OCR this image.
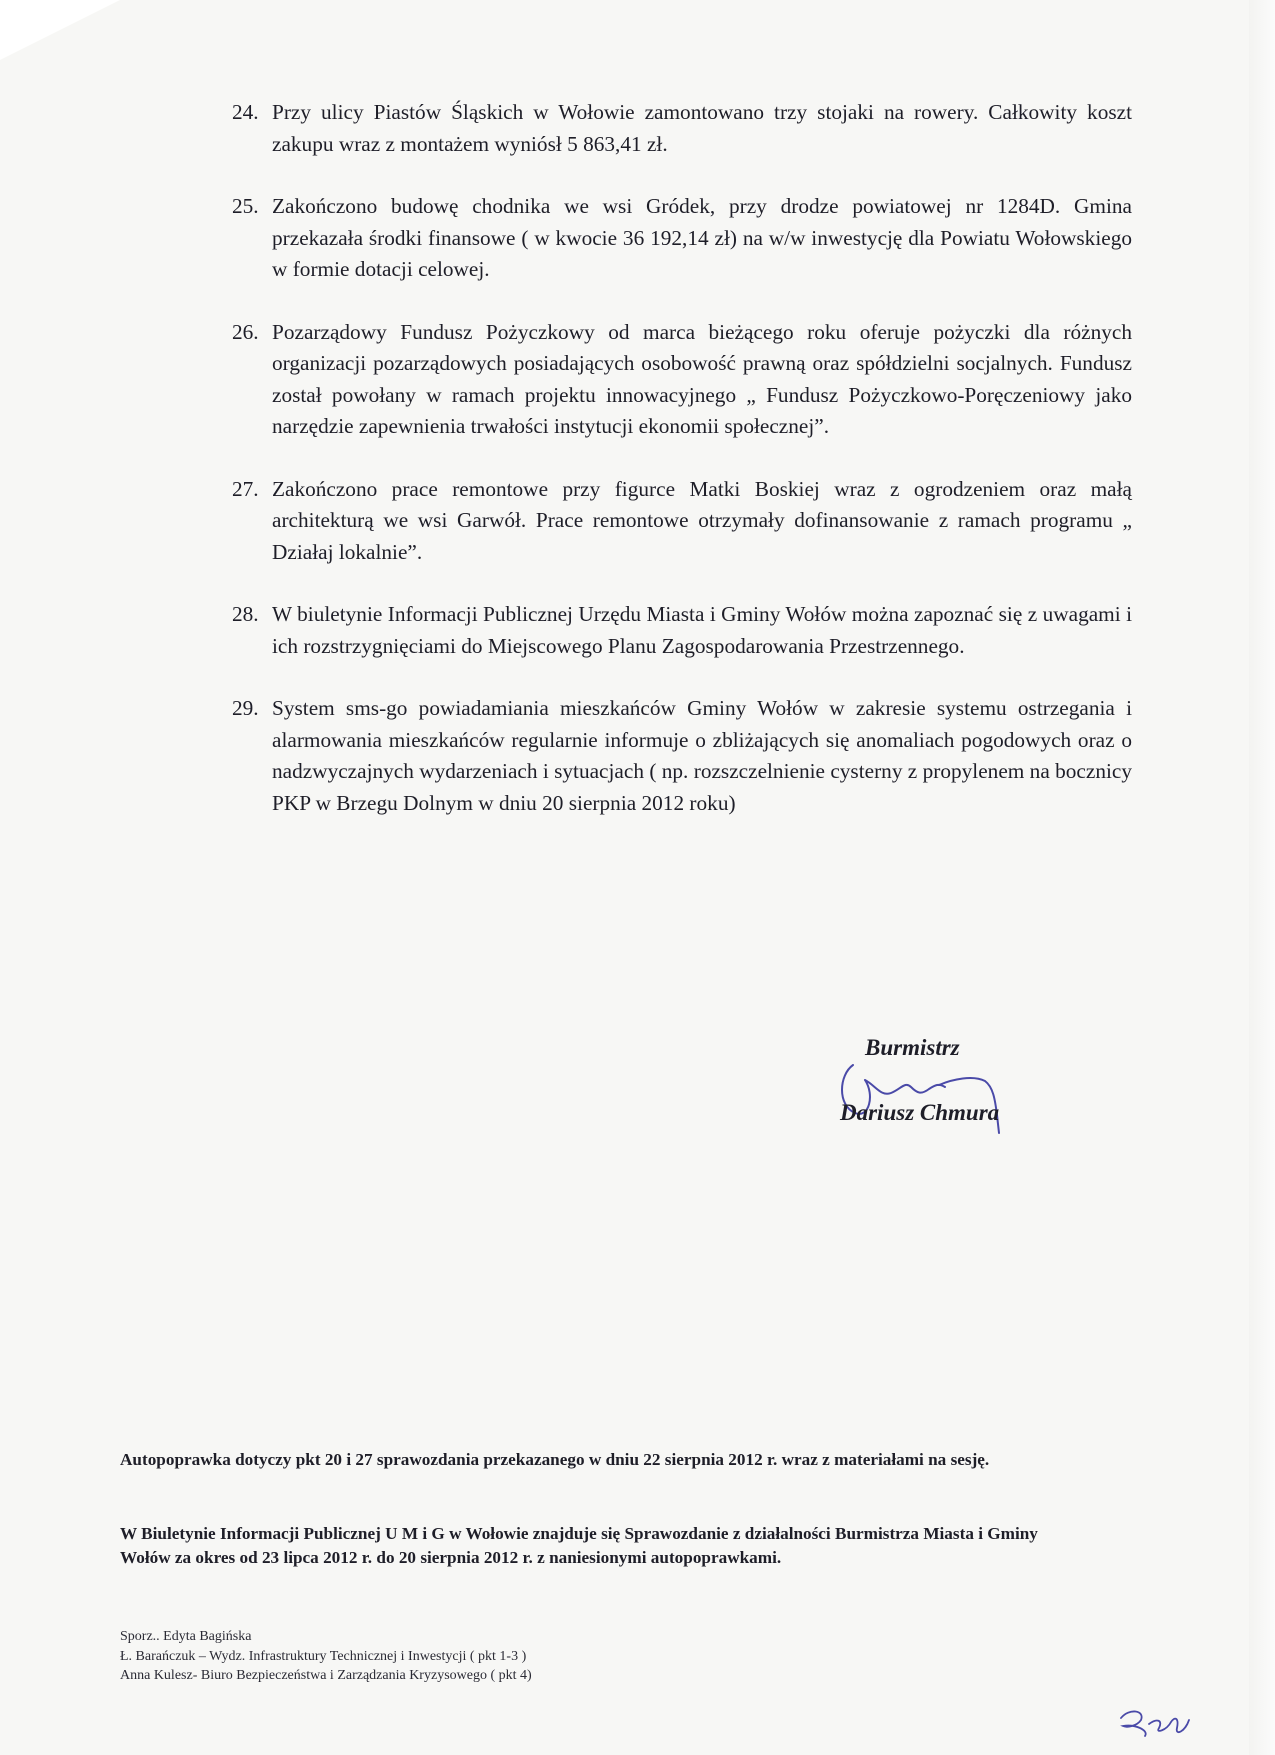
24. Przy ulicy Piastów Śląskich w Wołowie zamontowano trzy stojaki na rowery. Całkowity koszt zakupu wraz z montażem wyniósł 5 863,41 zł.
25. Zakończono budowę chodnika we wsi Gródek, przy drodze powiatowej nr 1284D. Gmina przekazała środki finansowe ( w kwocie 36 192,14 zł) na w/w inwestycję dla Powiatu Wołowskiego w formie dotacji celowej.
26. Pozarządowy Fundusz Pożyczkowy od marca bieżącego roku oferuje pożyczki dla różnych organizacji pozarządowych posiadających osobowość prawną oraz spółdzielni socjalnych. Fundusz został powołany w ramach projektu innowacyjnego „ Fundusz Pożyczkowo-Poręczeniowy jako narzędzie zapewnienia trwałości instytucji ekonomii społecznej”.
27. Zakończono prace remontowe przy figurce Matki Boskiej wraz z ogrodzeniem oraz małą architekturą we wsi Garwół. Prace remontowe otrzymały dofinansowanie z ramach programu „ Działaj lokalnie”.
28. W biuletynie Informacji Publicznej Urzędu Miasta i Gminy Wołów można zapoznać się z uwagami i ich rozstrzygnięciami do Miejscowego Planu Zagospodarowania Przestrzennego.
29. System sms-go powiadamiania mieszkańców Gminy Wołów w zakresie systemu ostrzegania i alarmowania mieszkańców regularnie informuje o zbliżających się anomaliach pogodowych oraz o nadzwyczajnych wydarzeniach i sytuacjach ( np. rozszczelnienie cysterny z propylenem na bocznicy PKP w Brzegu Dolnym w dniu 20 sierpnia 2012 roku)
Burmistrz
Dariusz Chmura
Autopoprawka dotyczy pkt 20 i 27 sprawozdania przekazanego w dniu 22 sierpnia 2012 r. wraz z materiałami na sesję.
W Biuletynie Informacji Publicznej U M i G w Wołowie znajduje się Sprawozdanie z działalności Burmistrza Miasta i Gminy Wołów za okres od 23 lipca 2012 r. do 20 sierpnia 2012 r. z naniesionymi autopoprawkami.
Sporz.. Edyta Bagińska
Ł. Barańczuk – Wydz. Infrastruktury Technicznej i Inwestycji ( pkt 1-3 )
Anna Kulesz- Biuro Bezpieczeństwa i Zarządzania Kryzysowego ( pkt 4)
